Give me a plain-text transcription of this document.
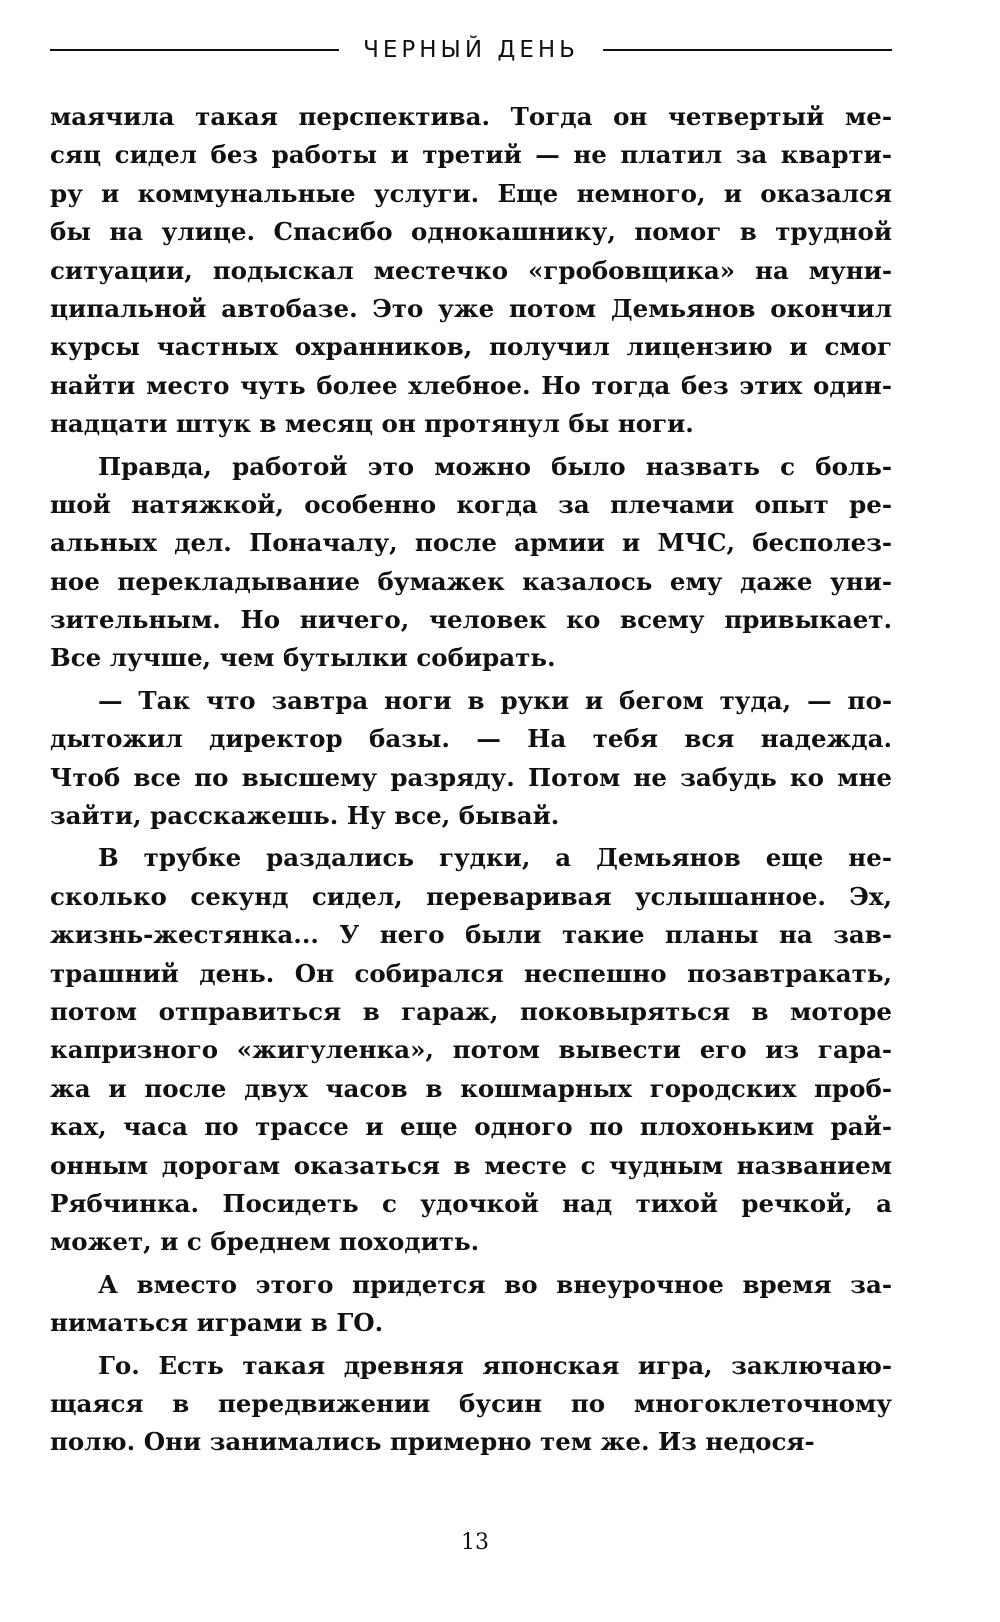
ЧЕРНЫЙ ДЕНЬ
маячила такая перспектива. Тогда он четвертый ме-
сяц сидел без работы и третий — не платил за кварти-
ру и коммунальные услуги. Еще немного, и оказался
бы на улице. Спасибо однокашнику, помог в трудной
ситуации, подыскал местечко «гробовщика» на муни-
ципальной автобазе. Это уже потом Демьянов окончил
курсы частных охранников, получил лицензию и смог
найти место чуть более хлебное. Но тогда без этих один-
надцати штук в месяц он протянул бы ноги.
Правда, работой это можно было назвать с боль-
шой натяжкой, особенно когда за плечами опыт ре-
альных дел. Поначалу, после армии и МЧС, бесполез-
ное перекладывание бумажек казалось ему даже уни-
зительным. Но ничего, человек ко всему привыкает.
Все лучше, чем бутылки собирать.
— Так что завтра ноги в руки и бегом туда, — по-
дытожил директор базы. — На тебя вся надежда.
Чтоб все по высшему разряду. Потом не забудь ко мне
зайти, расскажешь. Ну все, бывай.
В трубке раздались гудки, а Демьянов еще не-
сколько секунд сидел, переваривая услышанное. Эх,
жизнь-жестянка... У него были такие планы на зав-
трашний день. Он собирался неспешно позавтракать,
потом отправиться в гараж, поковыряться в моторе
капризного «жигуленка», потом вывести его из гара-
жа и после двух часов в кошмарных городских проб-
ках, часа по трассе и еще одного по плохоньким рай-
онным дорогам оказаться в месте с чудным названием
Рябчинка. Посидеть с удочкой над тихой речкой, а
может, и с бреднем походить.
А вместо этого придется во внеурочное время за-
ниматься играми в ГО.
Го. Есть такая древняя японская игра, заключаю-
щаяся в передвижении бусин по многоклеточному
полю. Они занимались примерно тем же. Из недося-
13
